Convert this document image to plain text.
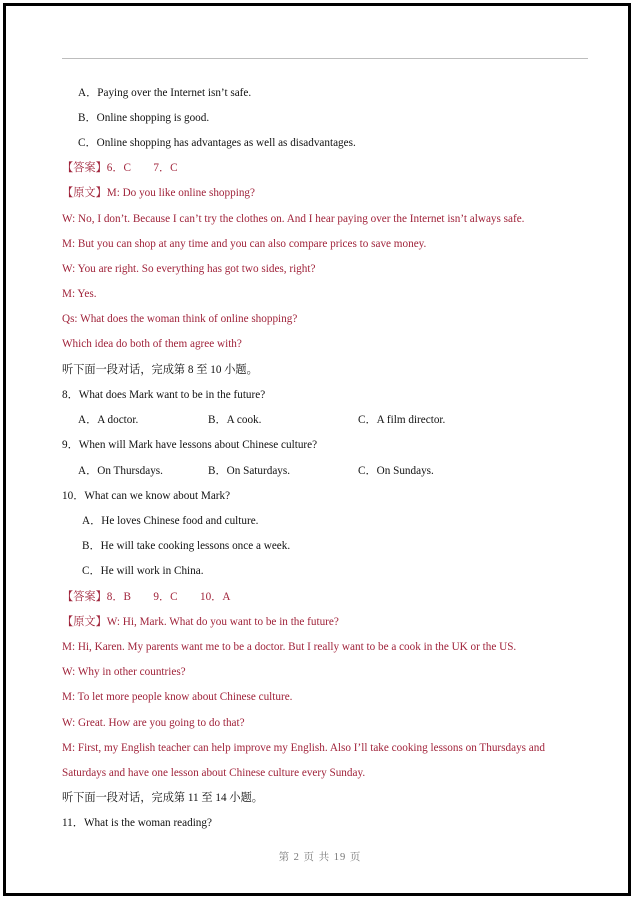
A．Paying over the Internet isn’t safe.
B．Online shopping is good.
C．Online shopping has advantages as well as disadvantages.
【答案】6．C　　7．C
【原文】M: Do you like online shopping?
W: No, I don’t. Because I can’t try the clothes on. And I hear paying over the Internet isn’t always safe.
M: But you can shop at any time and you can also compare prices to save money.
W: You are right. So everything has got two sides, right?
M: Yes.
Qs: What does the woman think of online shopping?
Which idea do both of them agree with?
听下面一段对话，完成第 8 至 10 小题。
8．What does Mark want to be in the future?
A．A doctor.	B．A cook.	C．A film director.
9．When will Mark have lessons about Chinese culture?
A．On Thursdays.	B．On Saturdays.	C．On Sundays.
10．What can we know about Mark?
A．He loves Chinese food and culture.
B．He will take cooking lessons once a week.
C．He will work in China.
【答案】8．B　　9．C　　10．A
【原文】W: Hi, Mark. What do you want to be in the future?
M: Hi, Karen. My parents want me to be a doctor. But I really want to be a cook in the UK or the US.
W: Why in other countries?
M: To let more people know about Chinese culture.
W: Great. How are you going to do that?
M: First, my English teacher can help improve my English. Also I’ll take cooking lessons on Thursdays and
Saturdays and have one lesson about Chinese culture every Sunday.
听下面一段对话，完成第 11 至 14 小题。
11．What is the woman reading?
第 2 页 共 19 页
